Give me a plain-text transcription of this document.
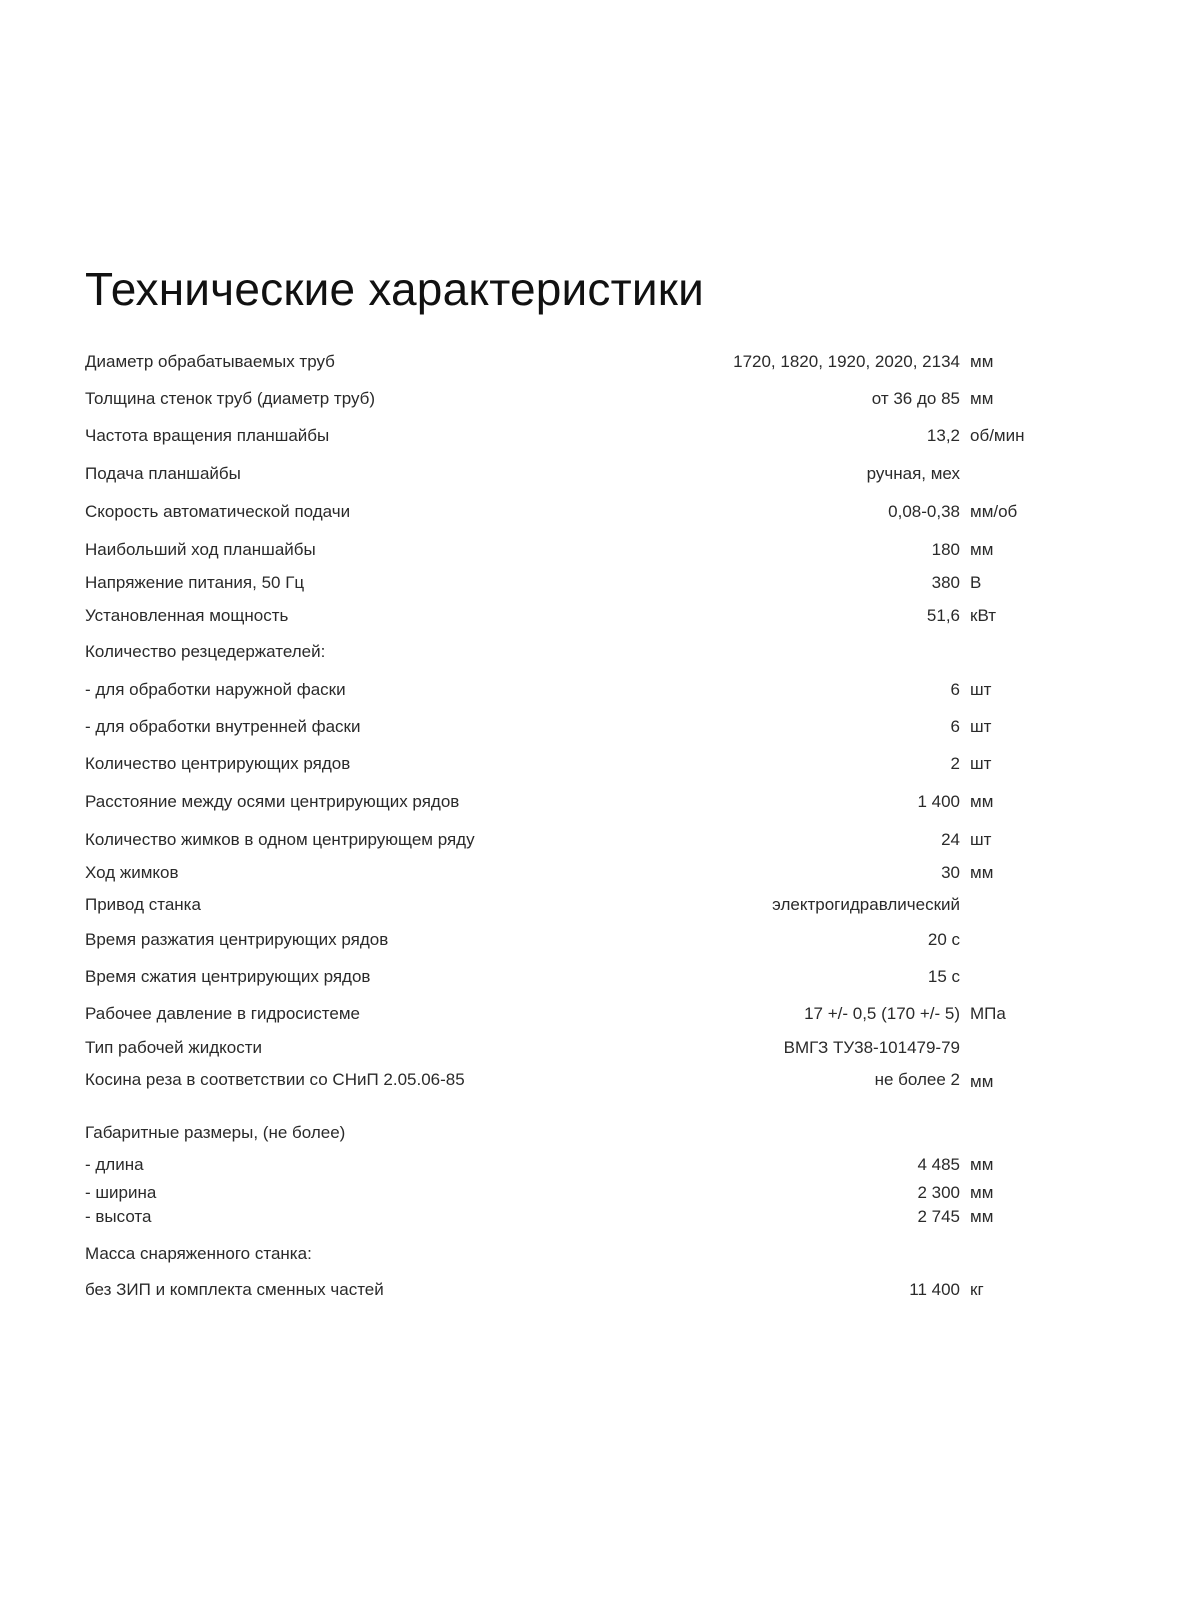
Технические характеристики
Диаметр обрабатываемых труб	1720, 1820, 1920, 2020, 2134 мм
Толщина стенок труб (диаметр труб)	от 36 до 85 мм
Частота вращения планшайбы	13,2 об/мин
Подача планшайбы	ручная, мех
Скорость автоматической подачи	0,08-0,38 мм/об
Наибольший ход планшайбы	180 мм
Напряжение питания, 50 Гц	380 В
Установленная мощность	51,6 кВт
Количество резцедержателей:
- для обработки наружной фаски	6 шт
- для обработки внутренней фаски	6 шт
Количество центрирующих рядов	2 шт
Расстояние между осями центрирующих рядов	1 400 мм
Количество жимков в одном центрирующем ряду	24 шт
Ход жимков	30 мм
Привод станка	электрогидравлический
Время разжатия центрирующих рядов	20 с
Время сжатия центрирующих рядов	15 с
Рабочее давление в гидросистеме	17 +/- 0,5 (170 +/- 5) МПа
Тип рабочей жидкости	ВМГЗ ТУ38-101479-79
Косина реза в соответствии со СНиП 2.05.06-85	не более 2 мм
Габаритные размеры, (не более)
- длина	4 485 мм
- ширина	2 300 мм
- высота	2 745 мм
Масса снаряженного станка:
без ЗИП и комплекта сменных частей	11 400 кг
